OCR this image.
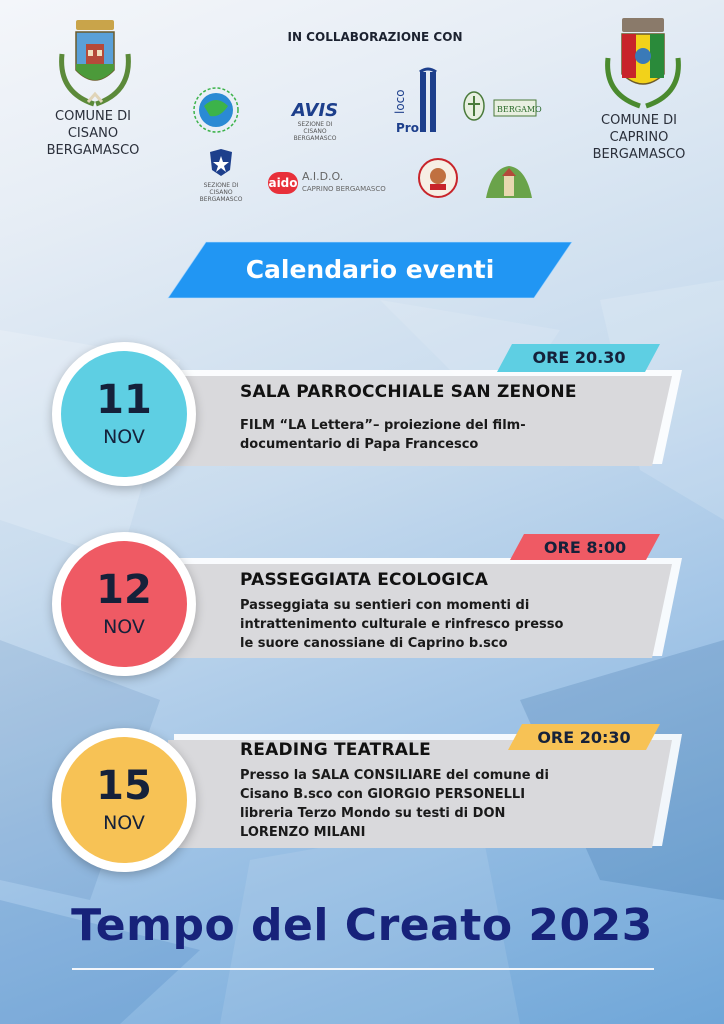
COMUNE DI
CISANO
BERGAMASCO
COMUNE DI
CAPRINO
BERGAMASCO
IN COLLABORAZIONE CON
AVIS
SEZIONE DI
CISANO BERGAMASCO
loco
Pro
BERGAMO
SEZIONE DI
CISANO BERGAMASCO
aido A.I.D.O.
CAPRINO BERGAMASCO
Calendario eventi
11
NOV
ORE 20.30
SALA PARROCCHIALE SAN ZENONE
FILM “LA Lettera”– proiezione del film-
documentario di Papa Francesco
12
NOV
ORE 8:00
PASSEGGIATA ECOLOGICA
Passeggiata su sentieri con momenti di
intrattenimento culturale e rinfresco presso
le suore canossiane di Caprino b.sco
15
NOV
ORE 20:30
READING TEATRALE
Presso la SALA CONSILIARE del comune di
Cisano B.sco con GIORGIO PERSONELLI
libreria Terzo Mondo su testi di DON
LORENZO MILANI
Tempo del Creato 2023
